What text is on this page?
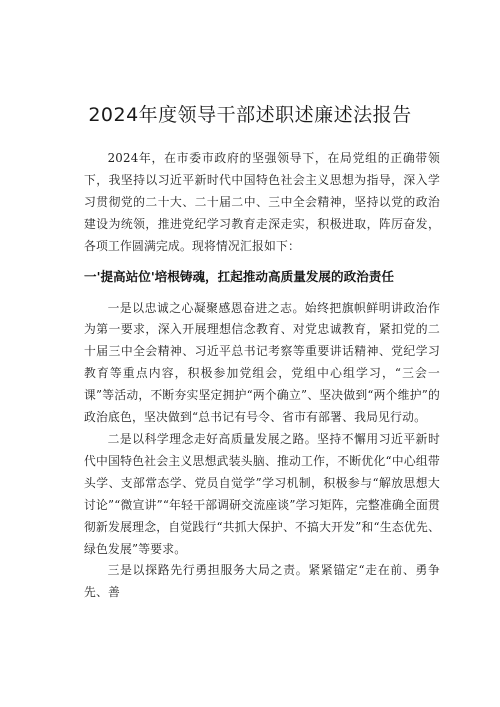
2024年度领导干部述职述廉述法报告

2024年，在市委市政府的坚强领导下，在局党组的正确带领下，我坚持以习近平新时代中国特色社会主义思想为指导，深入学习贯彻党的二十大、二十届二中、三中全会精神，坚持以党的政治建设为统领，推进党纪学习教育走深走实，积极进取，阵厉奋发，各项工作圆满完成。现将情况汇报如下：

一'提高站位'培根铸魂，扛起推动高质量发展的政治责任

一是以忠诚之心凝聚感恩奋进之志。始终把旗帜鲜明讲政治作为第一要求，深入开展理想信念教育、对党忠诚教育，紧扣党的二十届三中全会精神、习近平总书记考察等重要讲话精神、党纪学习教育等重点内容，积极参加党组会，党组中心组学习，“三会一课”等活动，不断夯实坚定拥护“两个确立”、坚决做到“两个维护”的政治底色，坚决做到“总书记有号令、省市有部署、我局见行动。

二是以科学理念走好高质量发展之路。坚持不懈用习近平新时代中国特色社会主义思想武装头脑、推动工作，不断优化“中心组带头学、支部常态学、党员自觉学”学习机制，积极参与“解放思想大讨论”“微宣讲”“年轻干部调研交流座谈”学习矩阵，完整准确全面贯彻新发展理念，自觉践行“共抓大保护、不搞大开发”和“生态优先、绿色发展”等要求。

三是以探路先行勇担服务大局之责。紧紧锚定“走在前、勇争先、善
